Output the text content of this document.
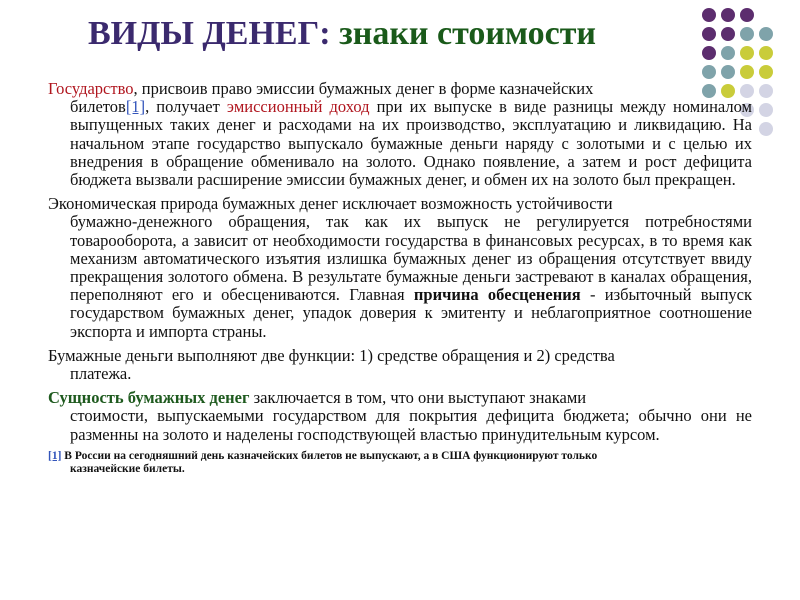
ВИДЫ ДЕНЕГ: знаки стоимости
Государство, присвоив право эмиссии бумажных денег в форме казначейских
билетов[1], получает эмиссионный доход при их выпуске в виде разницы между номиналом выпущенных таких денег и расходами на их производство, эксплуатацию и ликвидацию. На начальном этапе государство выпускало бумажные деньги наряду с золотыми и с целью их внедрения в обращение обменивало на золото. Однако появление, а затем и рост дефицита бюджета вызвали расширение эмиссии бумажных денег, и обмен их на золото был прекращен.
Экономическая природа бумажных денег исключает возможность устойчивости
бумажно-денежного обращения, так как их выпуск не регулируется потребностями товарооборота, а зависит от необходимости государства в финансовых ресурсах, в то время как механизм автоматического изъятия излишка бумажных денег из обращения отсутствует ввиду прекращения золотого обмена. В результате бумажные деньги застревают в каналах обращения, переполняют его и обесцениваются. Главная причина обесценения - избыточный выпуск государством бумажных денег, упадок доверия к эмитенту и неблагоприятное соотношение экспорта и импорта страны.
Бумажные деньги выполняют две функции: 1) средстве обращения и 2) средства
платежа.
Сущность бумажных денег заключается в том, что они выступают знаками
стоимости, выпускаемыми государством для покрытия дефицита бюджета; обычно они не разменны на золото и наделены господствующей властью принудительным курсом.
[1] В России на сегодняшний день казначейских билетов не выпускают, а в США функционируют только
казначейские билеты.
